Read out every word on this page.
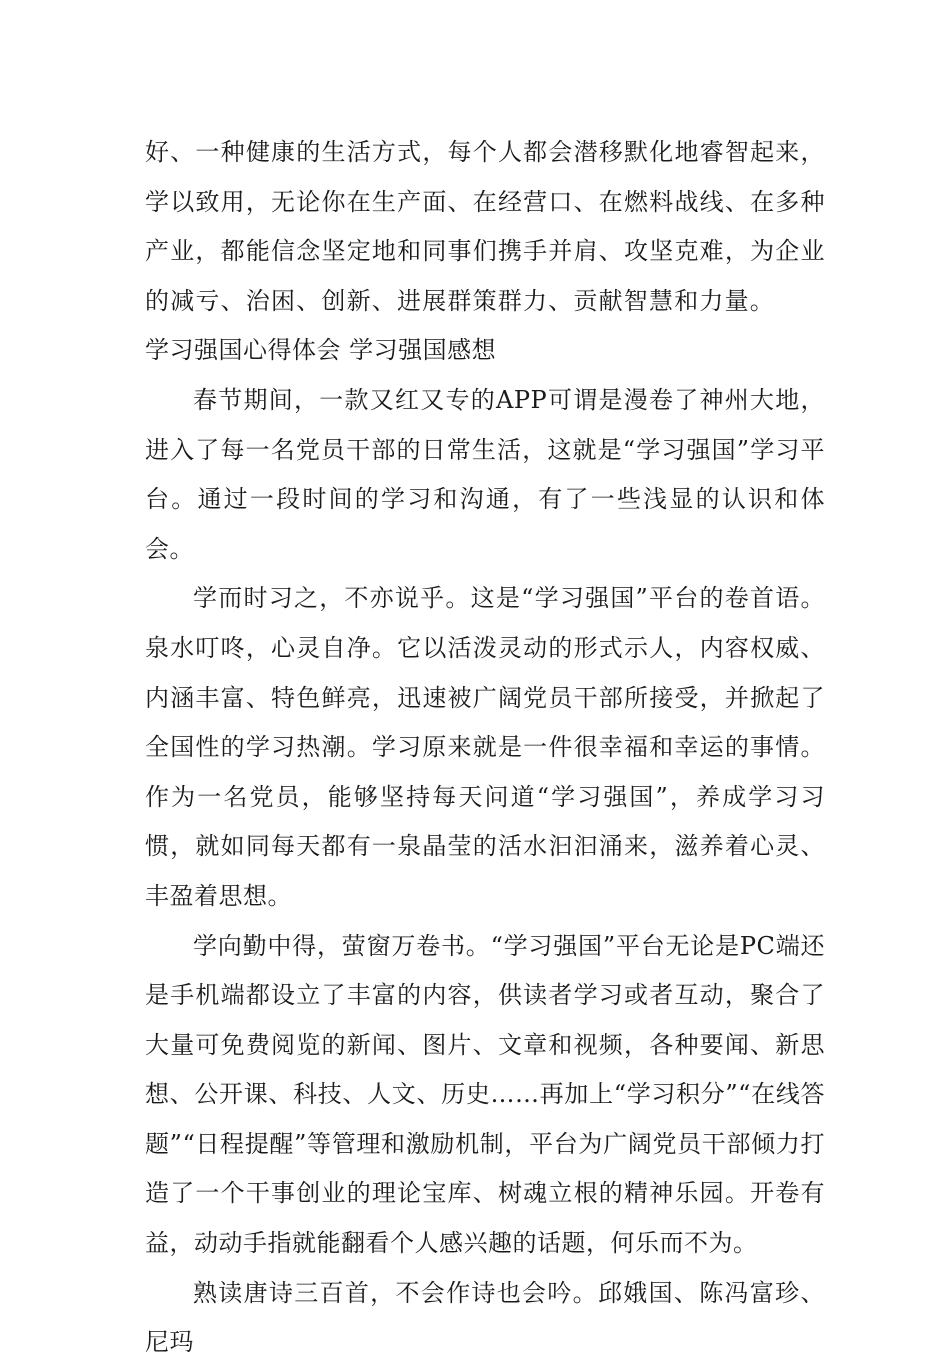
好、一种健康的生活方式，每个人都会潜移默化地睿智起来，学以致用，无论你在生产面、在经营口、在燃料战线、在多种产业，都能信念坚定地和同事们携手并肩、攻坚克难，为企业的减亏、治困、创新、进展群策群力、贡献智慧和力量。学习强国心得体会 学习强国感想

春节期间，一款又红又专的APP可谓是漫卷了神州大地，进入了每一名党员干部的日常生活，这就是“学习强国”学习平台。通过一段时间的学习和沟通，有了一些浅显的认识和体会。

学而时习之，不亦说乎。这是“学习强国”平台的卷首语。泉水叮咚，心灵自净。它以活泼灵动的形式示人，内容权威、内涵丰富、特色鲜亮，迅速被广阔党员干部所接受，并掀起了全国性的学习热潮。学习原来就是一件很幸福和幸运的事情。作为一名党员，能够坚持每天问道“学习强国”，养成学习习惯，就如同每天都有一泉晶莹的活水汩汩涌来，滋养着心灵、丰盈着思想。

学向勤中得，萤窗万卷书。“学习强国”平台无论是PC端还是手机端都设立了丰富的内容，供读者学习或者互动，聚合了大量可免费阅览的新闻、图片、文章和视频，各种要闻、新思想、公开课、科技、人文、历史……再加上“学习积分”“在线答题”“日程提醒”等管理和激励机制，平台为广阔党员干部倾力打造了一个干事创业的理论宝库、树魂立根的精神乐园。开卷有益，动动手指就能翻看个人感兴趣的话题，何乐而不为。

熟读唐诗三百首，不会作诗也会吟。邱娥国、陈冯富珍、尼玛
